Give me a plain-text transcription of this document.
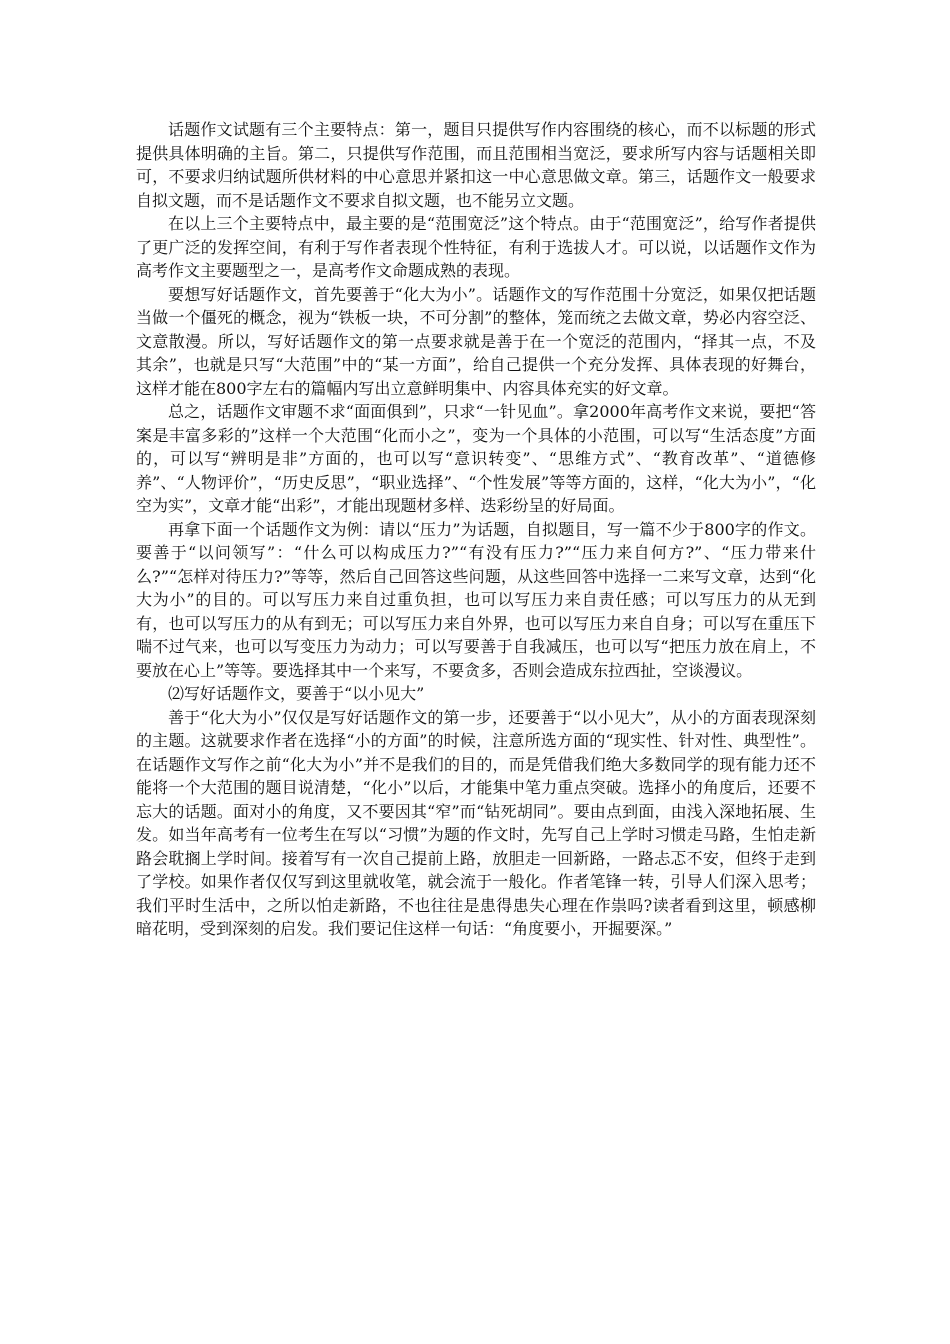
话题作文试题有三个主要特点：第一，题目只提供写作内容围绕的核心，而不以标题的形式提供具体明确的主旨。第二，只提供写作范围，而且范围相当宽泛，要求所写内容与话题相关即可，不要求归纳试题所供材料的中心意思并紧扣这一中心意思做文章。第三，话题作文一般要求自拟文题，而不是话题作文不要求自拟文题，也不能另立文题。

在以上三个主要特点中，最主要的是“范围宽泛”这个特点。由于“范围宽泛”，给写作者提供了更广泛的发挥空间，有利于写作者表现个性特征，有利于选拔人才。可以说，以话题作文作为高考作文主要题型之一，是高考作文命题成熟的表现。

要想写好话题作文，首先要善于“化大为小”。话题作文的写作范围十分宽泛，如果仅把话题当做一个僵死的概念，视为“铁板一块，不可分割”的整体，笼而统之去做文章，势必内容空泛、文意散漫。所以，写好话题作文的第一点要求就是善于在一个宽泛的范围内，“择其一点，不及其余”，也就是只写“大范围”中的“某一方面”，给自己提供一个充分发挥、具体表现的好舞台，这样才能在800字左右的篇幅内写出立意鲜明集中、内容具体充实的好文章。

总之，话题作文审题不求“面面俱到”，只求“一针见血”。拿2000年高考作文来说，要把“答案是丰富多彩的”这样一个大范围“化而小之”，变为一个具体的小范围，可以写“生活态度”方面的，可以写“辨明是非”方面的，也可以写“意识转变”、“思维方式”、“教育改革”、“道德修养”、“人物评价”，“历史反思”，“职业选择”、“个性发展”等等方面的，这样，“化大为小”，“化空为实”，文章才能“出彩”，才能出现题材多样、迭彩纷呈的好局面。

再拿下面一个话题作文为例：请以“压力”为话题，自拟题目，写一篇不少于800字的作文。要善于“以问领写”：“什么可以构成压力?”“有没有压力?”“压力来自何方?”、“压力带来什么?”“怎样对待压力?”等等，然后自己回答这些问题，从这些回答中选择一二来写文章，达到“化大为小”的目的。可以写压力来自过重负担，也可以写压力来自责任感；可以写压力的从无到有，也可以写压力的从有到无；可以写压力来自外界，也可以写压力来自自身；可以写在重压下喘不过气来，也可以写变压力为动力；可以写要善于自我减压，也可以写“把压力放在肩上，不要放在心上”等等。要选择其中一个来写，不要贪多，否则会造成东拉西扯，空谈漫议。

⑵写好话题作文，要善于“以小见大”

善于“化大为小”仅仅是写好话题作文的第一步，还要善于“以小见大”，从小的方面表现深刻的主题。这就要求作者在选择“小的方面”的时候，注意所选方面的“现实性、针对性、典型性”。在话题作文写作之前“化大为小”并不是我们的目的，而是凭借我们绝大多数同学的现有能力还不能将一个大范围的题目说清楚，“化小”以后，才能集中笔力重点突破。选择小的角度后，还要不忘大的话题。面对小的角度，又不要因其“窄”而“钻死胡同”。要由点到面，由浅入深地拓展、生发。如当年高考有一位考生在写以“习惯”为题的作文时，先写自己上学时习惯走马路，生怕走新路会耽搁上学时间。接着写有一次自己提前上路，放胆走一回新路，一路忐忑不安，但终于走到了学校。如果作者仅仅写到这里就收笔，就会流于一般化。作者笔锋一转，引导人们深入思考；我们平时生活中，之所以怕走新路，不也往往是患得患失心理在作祟吗?读者看到这里，顿感柳暗花明，受到深刻的启发。我们要记住这样一句话：“角度要小，开掘要深。”
